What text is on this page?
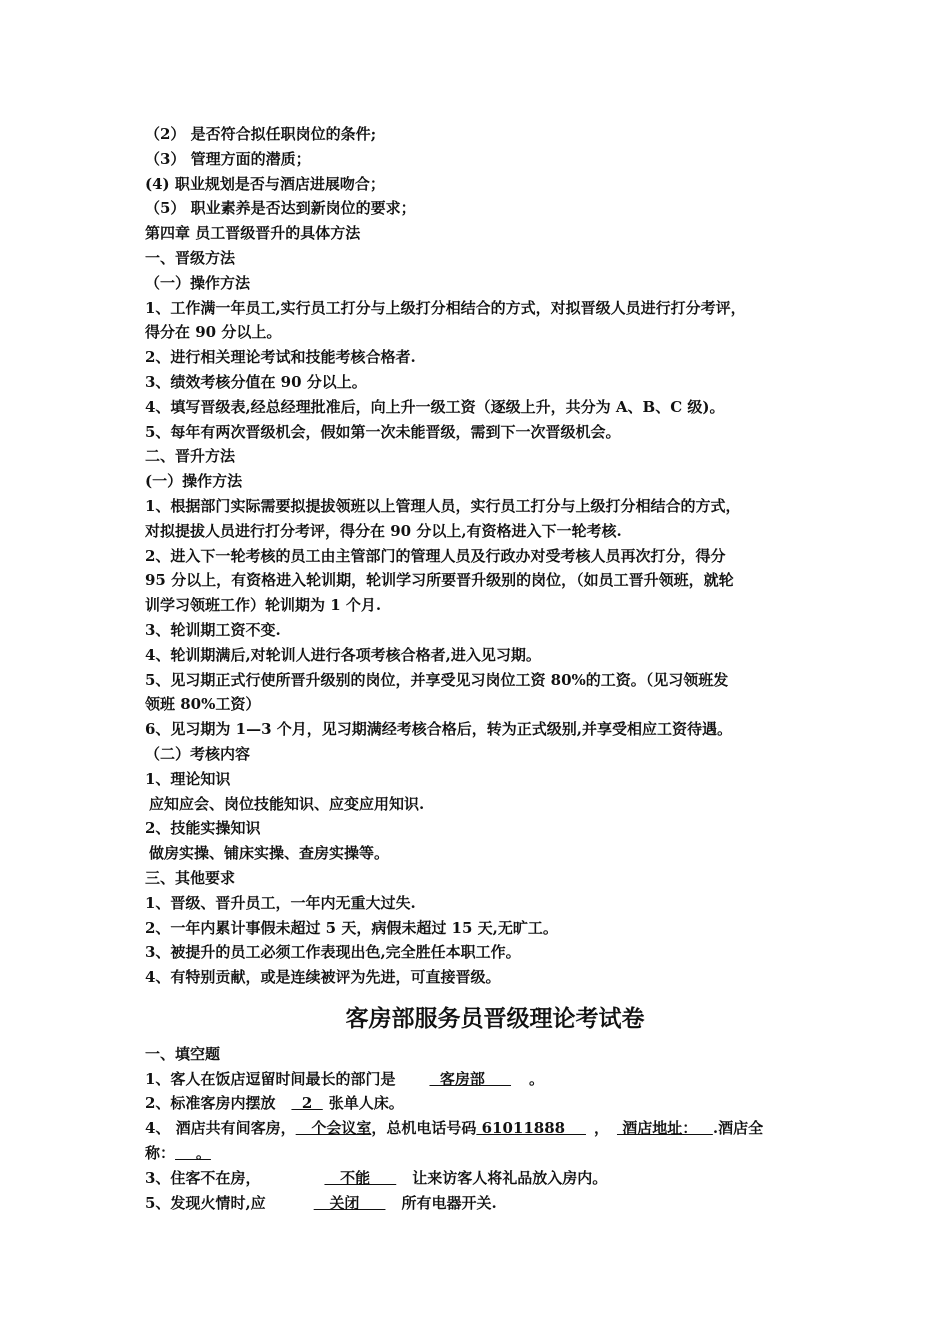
（2） 是否符合拟任职岗位的条件;
（3） 管理方面的潜质；
(4) 职业规划是否与酒店进展吻合；
（5） 职业素养是否达到新岗位的要求；
第四章 员工晋级晋升的具体方法
一、晋级方法
（一）操作方法
1、工作满一年员工,实行员工打分与上级打分相结合的方式，对拟晋级人员进行打分考评，
得分在 90 分以上。
2、进行相关理论考试和技能考核合格者.
3、绩效考核分值在 90 分以上。
4、填写晋级表,经总经理批准后，向上升一级工资（逐级上升，共分为 A、B、C 级)。
5、每年有两次晋级机会，假如第一次未能晋级，需到下一次晋级机会。
二、晋升方法
(一）操作方法
1、根据部门实际需要拟提拔领班以上管理人员，实行员工打分与上级打分相结合的方式，
对拟提拔人员进行打分考评，得分在 90 分以上,有资格进入下一轮考核.
2、进入下一轮考核的员工由主管部门的管理人员及行政办对受考核人员再次打分，得分
95 分以上，有资格进入轮训期，轮训学习所要晋升级别的岗位，（如员工晋升领班，就轮
训学习领班工作）轮训期为 1 个月.
3、轮训期工资不变.
4、轮训期满后,对轮训人进行各项考核合格者,进入见习期。
5、见习期正式行使所晋升级别的岗位，并享受见习岗位工资 80%的工资。（见习领班发
领班 80%工资）
6、见习期为 1—3 个月，见习期满经考核合格后，转为正式级别,并享受相应工资待遇。
（二）考核内容
1、理论知识
应知应会、岗位技能知识、应变应用知识.
2、技能实操知识
做房实操、铺床实操、查房实操等。
三、其他要求
1、晋级、晋升员工，一年内无重大过失.
2、一年内累计事假未超过 5 天，病假未超过 15 天,无旷工。
3、被提升的员工必须工作表现出色,完全胜任本职工作。
4、有特别贡献，或是连续被评为先进，可直接晋级。
客房部服务员晋级理论考试卷
一、填空题
1、客人在饭店逗留时间最长的部门是  客房部     。
2、标准客房内摆放  2  张单人床。
4、 酒店共有间客房，   个会议室，总机电话号码 61011888    ， 酒店地址：   .酒店全
称：    。
3、住客不在房，	不能     让来访客人将礼品放入房内。
5、发现火情时,应	关闭     所有电器开关.
